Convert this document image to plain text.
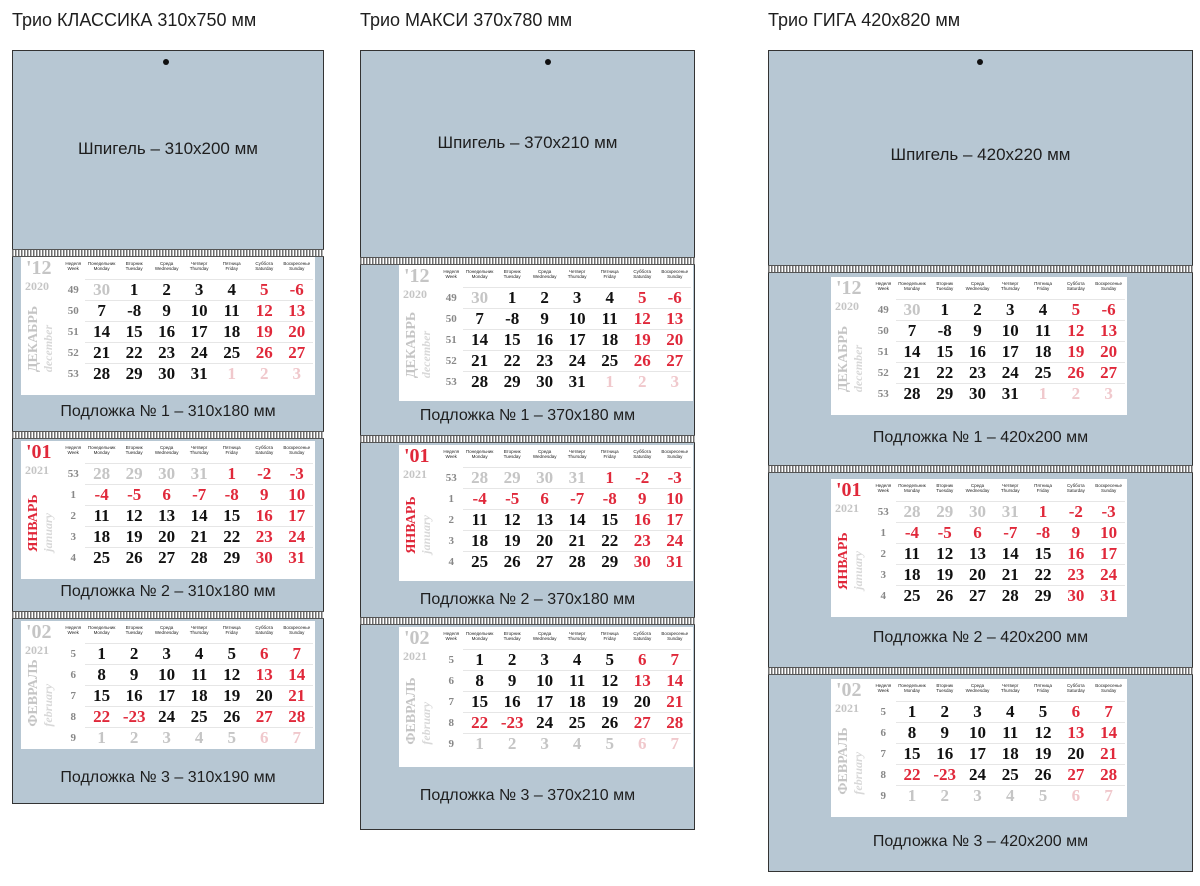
Трио КЛАССИКА 310x750 мм
Шпигель – 310x200 мм
'12
2020
ДЕКАБРЬ december
Неделя
Week
Понедельник
Monday
Вторник
Tuesday
Среда
Wednesday
Четверг
Thursday
Пятница
Friday
Суббота
Saturday
Воскресенье
Sunday
49 30	1	2	3	4	5	-6
50	7	-8	9	10 11 12 13
51 14 15 16 17 18 19 20
52 21 22 23 24 25 26 27
53 28 29 30 31	1	2	3
Подложка № 1 – 310x180 мм
'01
2021
ЯНВАРЬ january
Неделя
Week
Понедельник
Monday
Вторник
Tuesday
Среда
Wednesday
Четверг
Thursday
Пятница
Friday
Суббота
Saturday
Воскресенье
Sunday
53 28 29 30 31	1	-2	-3
1	-4	-5	6	-7	-8	9	10
2	11 12 13 14 15 16 17
3	18 19 20 21 22 23 24
4	25 26 27 28 29 30 31
Подложка № 2 – 310x180 мм
'02
2021
ФЕВРАЛЬ february
Неделя
Week
Понедельник
Monday
Вторник
Tuesday
Среда
Wednesday
Четверг
Thursday
Пятница
Friday
Суббота
Saturday
Воскресенье
Sunday
5	1	2	3	4	5	6	7
6	8	9	10 11 12 13 14
7	15 16 17 18 19 20 21
8	22 -23 24 25 26 27 28
9	1	2	3	4	5	6	7
Подложка № 3 – 310x190 мм
Трио МАКСИ 370x780 мм
Шпигель – 370x210 мм
'12
2020
ДЕКАБРЬ december
Неделя
Week
Понедельник
Monday
Вторник
Tuesday
Среда
Wednesday
Четверг
Thursday
Пятница
Friday
Суббота
Saturday
Воскресенье
Sunday
49 30	1	2	3	4	5	-6
50	7	-8	9	10 11 12 13
51 14 15 16 17 18 19 20
52 21 22 23 24 25 26 27
53 28 29 30 31	1	2	3
Подложка № 1 – 370x180 мм
'01
2021
ЯНВАРЬ january
Неделя
Week
Понедельник
Monday
Вторник
Tuesday
Среда
Wednesday
Четверг
Thursday
Пятница
Friday
Суббота
Saturday
Воскресенье
Sunday
53 28 29 30 31	1	-2	-3
1	-4	-5	6	-7	-8	9	10
2	11 12 13 14 15 16 17
3	18 19 20 21 22 23 24
4	25 26 27 28 29 30 31
Подложка № 2 – 370x180 мм
'02
2021
ФЕВРАЛЬ february
Неделя
Week
Понедельник
Monday
Вторник
Tuesday
Среда
Wednesday
Четверг
Thursday
Пятница
Friday
Суббота
Saturday
Воскресенье
Sunday
5	1	2	3	4	5	6	7
6	8	9	10 11 12 13 14
7	15 16 17 18 19 20 21
8	22 -23 24 25 26 27 28
9	1	2	3	4	5	6	7
Подложка № 3 – 370x210 мм
Трио ГИГА 420x820 мм
Шпигель – 420x220 мм
'12
2020
ДЕКАБРЬ december
Неделя
Week
Понедельник
Monday
Вторник
Tuesday
Среда
Wednesday
Четверг
Thursday
Пятница
Friday
Суббота
Saturday
Воскресенье
Sunday
49 30	1	2	3	4	5	-6
50	7	-8	9	10 11 12 13
51 14 15 16 17 18 19 20
52 21 22 23 24 25 26 27
53 28 29 30 31	1	2	3
Подложка № 1 – 420x200 мм
'01
2021
ЯНВАРЬ january
Неделя
Week
Понедельник
Monday
Вторник
Tuesday
Среда
Wednesday
Четверг
Thursday
Пятница
Friday
Суббота
Saturday
Воскресенье
Sunday
53 28 29 30 31	1	-2	-3
1	-4	-5	6	-7	-8	9	10
2	11 12 13 14 15 16 17
3	18 19 20 21 22 23 24
4	25 26 27 28 29 30 31
Подложка № 2 – 420x200 мм
'02
2021
ФЕВРАЛЬ february
Неделя
Week
Понедельник
Monday
Вторник
Tuesday
Среда
Wednesday
Четверг
Thursday
Пятница
Friday
Суббота
Saturday
Воскресенье
Sunday
5	1	2	3	4	5	6	7
6	8	9	10 11 12 13 14
7	15 16 17 18 19 20 21
8	22 -23 24 25 26 27 28
9	1	2	3	4	5	6	7
Подложка № 3 – 420x200 мм
